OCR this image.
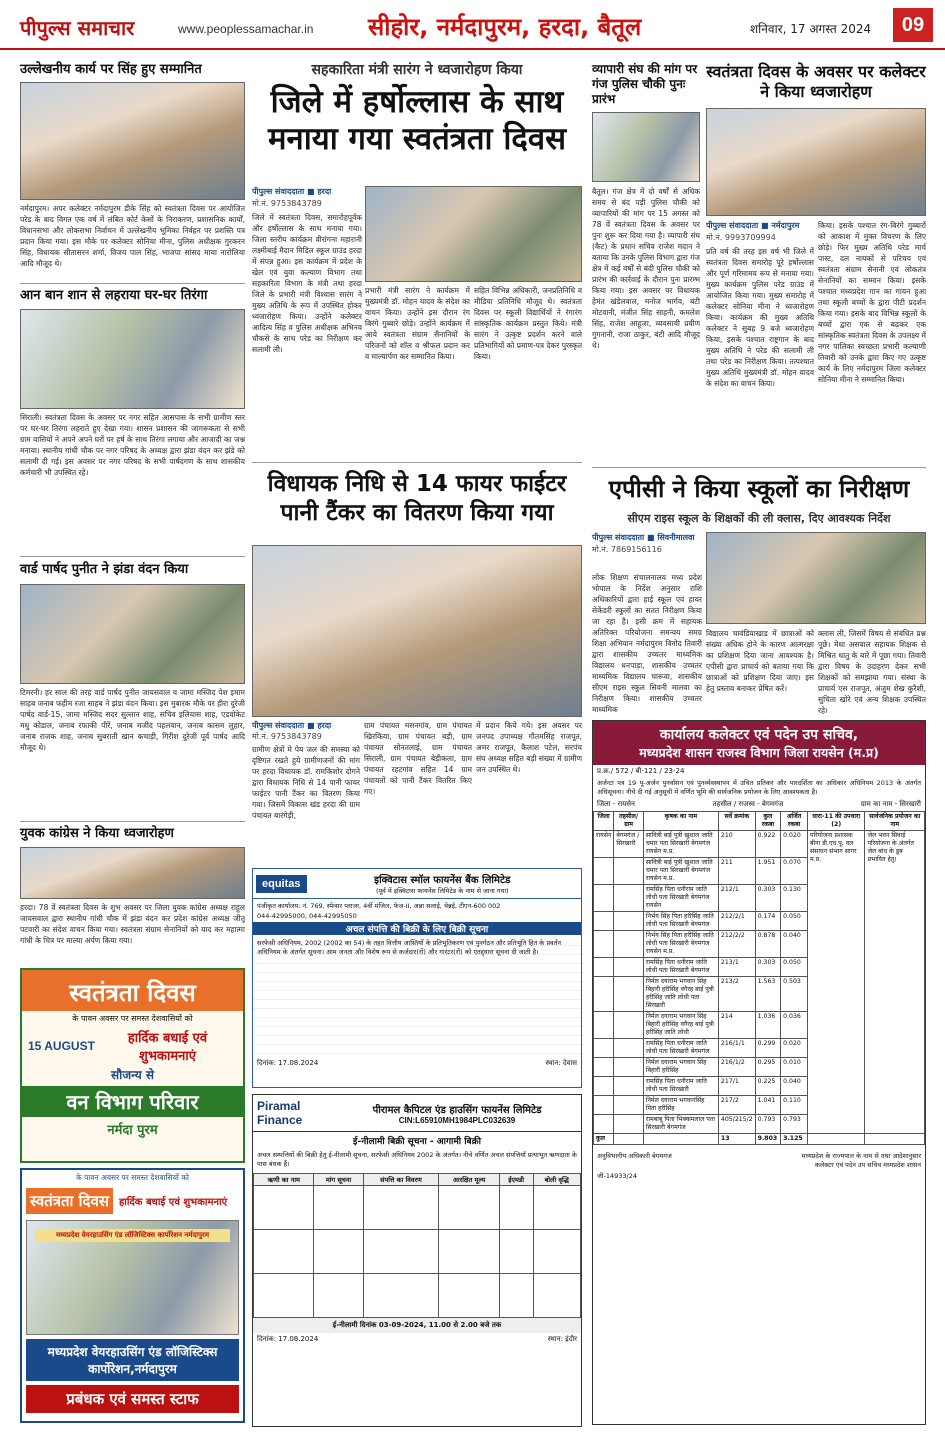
पीपुल्स समाचार	www.peoplessamachar.in सीहोर, नर्मदापुरम, हरदा, बैतूल	शनिवार, 17 अगस्त 2024	09
उल्लेखनीय कार्य पर सिंह हुए सम्मानित
नर्मदापुरम। अपर कलेक्टर नर्मदापुरम डीके सिंह को स्वतंत्रता दिवस पर आयोजित परेड के बाद विगत एक वर्ष में लंबित कोर्ट केसों के निराकरण, प्रशासनिक कार्यों, विधानसभा और लोकसभा निर्वाचन में उल्लेखनीय भूमिका निर्वहन पर प्रशस्ति पत्र प्रदान किया गया। इस मौके पर कलेक्टर सोनिया मीना, पुलिस अधीक्षक गुरकरन सिंह, विधायक सीतासरन शर्मा, विजय पाल सिंह, भाजपा सांसद माया नारोलिया आदि मौजूद थे।
आन बान शान से लहराया घर-घर तिरंगा
सिराली। स्वतंत्रता दिवस के अवसर पर नगर सहित आसपास के सभी ग्रामीण स्तर पर घर-घर तिरंगा लहराते हुए देखा गया। शासन प्रशासन की जागरूकता से सभी ग्राम वासियों ने अपने अपने घरों पर हर्ष के साथ तिरंगा लगाया और आजादी का जश्न मनाया। स्थानीय गांधी चौक पर नगर परिषद के अध्यक्ष द्वारा झंडा वंदन कर झंडे को सलामी दी गई। इस अवसर पर नगर परिषद के सभी पार्षदगण के साथ शासकीय कर्मचारी भी उपस्थित रहे।
वार्ड पार्षद पुनीत ने झंडा वंदन किया
टिमरनी। हर साल की तरह वार्ड पार्षद पुनीत जायसवाल व जामा मस्जिद पेश इमाम साहब जनाब फहीम रजा साहब ने झंडा वंदन किया। इस मुबारक मौके पर हीरा दुरेजी पार्षद वार्ड-15, जामा मस्जिद सदर सुल्तान शाह, सचिव इलियास शाह, एडवोकेट मधु कोडाल, जनाब रफाकी पीरें, जनाब मजीद पहलवान, जनाब कासम लुहार, जनाब राजक शाह, जनाब सुबराती खान कचाड़ी, गिरीश दुरेजी पूर्व पार्षद आदि मौजूद थे।
युवक कांग्रेस ने किया ध्वजारोहण
हरदा। 78 वें स्वतंत्रता दिवस के शुभ अवसर पर जिला युवक कांग्रेस अध्यक्ष राहुल जायसवाल द्वारा स्थानीय गांधी चौक में झंडा वंदन कर प्रदेश कांग्रेस अध्यक्ष जीतू पटवारी का संदेश वाचन किया गया। स्वतंत्रता संग्राम सेनानियों को याद कर महात्मा गांधी के चित्र पर माल्या अर्पण किया गया।
स्वतंत्रता दिवस
के पावन अवसर पर समस्त देशवासियों को
15 AUGUST	हार्दिक बधाई एवं शुभकामनाएं
सौजन्य से
वन विभाग परिवार
नर्मदा पुरम
के पावन अवसर पर समस्त देशवासियों को
स्वतंत्रता दिवस	हार्दिक बधाई एवं शुभकामनाएं
मध्यप्रदेश वेयरहाउसिंग एंड लॉजिस्टिक्स कार्पोरेशन नर्मदापुरम
मध्यप्रदेश वेयरहाउसिंग एंड लॉजिस्टिक्स कार्पोरेशन,नर्मदापुरम
प्रबंधक एवं समस्त स्टाफ
सहकारिता मंत्री सारंग ने ध्वजारोहण किया
जिले में हर्षोल्लास के साथ मनाया गया स्वतंत्रता दिवस
पीपुल्स संवाददाता ■ हरदा
मो.नं. 9753843789
जिले में स्वतंत्रता दिवस, समारोहपूर्वक और हर्षोल्लास के साथ मनाया गया। जिला स्तरीय कार्यक्रम वीरांगना महारानी लक्ष्मीबाई मैदान मिडिल स्कूल ग्राउंड हरदा में संपन्न हुआ। इस कार्यक्रम में प्रदेश के खेल एवं युवा कल्याण विभाग तथा सहकारिता विभाग के मंत्री तथा हरदा जिले के प्रभारी मंत्री विश्वास सारंग ने मुख्य अतिथि के रूप में उपस्थित होकर ध्वजारोहण किया। उन्होंने कलेक्टर आदित्य सिंह व पुलिस अधीक्षक अभिनव चौकसे के साथ परेड का निरीक्षण कर सलामी ली।
प्रभारी मंत्री सारंग ने कार्यक्रम में मुख्यमंत्री डॉ. मोहन यादव के संदेश का वाचन किया। उन्होंने इस दौरान रंग बिरंगे गुब्बारे छोड़े। उन्होंने कार्यक्रम में आये स्वतंत्रता संग्राम सैनानियों के परिजनों को शॉल व श्रीफल प्रदान कर व माल्यार्पण कर सम्मानित किया।
सहित विभिन्न अधिकारी, जनप्रतिनिधि व मीडिया प्रतिनिधि मौजूद थे। स्वतंत्रता दिवस पर स्कूली विद्यार्थियों ने रंगारंग सांस्कृतिक कार्यक्रम प्रस्तुत किये। मंत्री सारंग ने उत्कृष्ट प्रदर्शन करने वाले प्रतिभागियों को प्रमाण-पत्र देकर पुरस्कृत किया।
विधायक निधि से 14 फायर फाईटर पानी टैंकर का वितरण किया गया
पीपुल्स संवाददाता ■ हरदा
मो.नं. 9753843789
ग्रामीण क्षेत्रों मे पेय जल की समस्या को दृष्टिगत रखते हुये ग्रामीणजनों की मांग पर हरदा विधायक डॉ. रामकिशोर दोगने द्वारा विधायक निधि से 14 पानी फायर फाईटर पानी टैंकर का वितरण किया गया। जिसमें विकास खंड हरदा की ग्राम पंचायत बारंगेड़ी,
ग्राम पंचायत मसनगांव, ग्राम पंचायत खिरकिया, ग्राम पंचायत बड़ी, ग्राम पंचायत सोनतलाई, ग्राम पंचायत सिराली, ग्राम पंचायत बेड़ीकला, ग्राम पंचायत रहटगांव सहित 14 ग्राम पंचायतों को पानी टैंकर वितरित किए गए।
में प्रदान किये गये। इस अवसर पर जनपद उपाध्यक्ष गौतमसिंह राजपूत, अमर राजपूत, कैलाश पटेल, सरपंच संघ अध्यक्ष सहित बड़ी संख्या में ग्रामीण जन उपस्थित थे।
equitas	इक्विटास स्मॉल फायनेंस बैंक लिमिटेड
(पूर्व में इक्विटास फायनेंस लिमिटेड के नाम से जाना गया)
पंजीकृत कार्यालय: नं. 769, स्पेन्सर प्लाजा, 4वीं मंजिल, फेज-II, अन्ना सलाई, चेन्नई, टीएन-600 002
044-42995000, 044-42995050
अचल संपत्ति की बिक्री के लिए बिक्री सूचना
सरफेसी अधिनियम, 2002 (2002 का 54) के तहत वित्तीय आस्तियों के प्रतिभूतिकरण एवं पुनर्गठन और प्रतिभूति हित के प्रवर्तन अधिनियम के अंतर्गत सूचना। आम जनता और विशेष रूप से कर्जदार(रों) और गारंटर(रों) को एतद्द्वारा सूचना दी जाती है।
दिनांक: 17.08.2024	स्थान: देवास
Piramal Finance
पीरामल कैपिटल एंड हाउसिंग फायनेंस लिमिटेड
CIN:L65910MH1984PLC032639
ई-नीलामी बिक्री सूचना - आगामी बिक्री
अचल सम्पत्तियों की बिक्री हेतु ई-नीलामी सूचना, सरफेसी अधिनियम 2002 के अंतर्गत। नीचे वर्णित अचल संपत्तियाँ प्रत्याभूत ऋणदाता के पास बंधक हैं।
ऋणी का नाम	मांग सूचना	संपत्ति का विवरण	आरक्षित मूल्य	ईएमडी	बोली वृद्धि

ई-नीलामी दिनांक 03-09-2024, 11.00 से 2.00 बजे तक
दिनांक: 17.08.2024	स्थान: इंदौर
व्यापारी संघ की मांग पर गंज पुलिस चौकी पुनः प्रारंभ
बैतूल। गंज क्षेत्र में दो वर्षों से अधिक समय से बंद पड़ी पुलिस चौकी को व्यापारियों की मांग पर 15 अगस्त को 78 वें स्वतंत्रता दिवस के अवसर पर पुनः शुरू कर दिया गया है। व्यापारी संघ (कैट) के प्रधान सचिव राजेश मदान ने बताया कि उनके पुलिस विभाग द्वारा गंज क्षेत्र में कई वर्षों से बंदी पुलिस चौकी को प्रारंभ की कार्रवाई के दौरान पुनः प्रारम्भ किया गया। इस अवसर पर विधायक हेमंत खंडेलवाल, मनोज भार्गव, बंटी मोटवानी, मंजीत सिंह साहनी, कमलेश सिंह, राजेश आहूजा, व्यवसायी प्रवीण गुगनानी, राजा ठाकुर, बंटी आदि मौजूद थे।
स्वतंत्रता दिवस के अवसर पर कलेक्टर ने किया ध्वजारोहण
पीपुल्स संवाददाता ■ नर्मदापुरम
मो.नं. 9993709994
प्रति वर्ष की तरह इस वर्ष भी जिले में स्वतंत्रता दिवस समारोह पूरे हर्षोल्लास और पूर्ण गरिमामय रूप से मनाया गया। मुख्य कार्यक्रम पुलिस परेड ग्राउंड में आयोजित किया गया। मुख्य समारोह में कलेक्टर सोनिया मीना ने ध्वजारोहण किया। कार्यक्रम की मुख्य अतिथि कलेक्टर ने सुबह 9 बजे ध्वजारोहण किया, इसके पश्चात राष्ट्रगान के बाद मुख्य अतिथि ने परेड की सलामी ली तथा परेड का निरीक्षण किया। तत्पश्चात मुख्य अतिथि मुख्यमंत्री डॉ. मोहन यादव के संदेश का वाचन किया।
किया। इसके पश्चात रंग-बिरंगे गुब्बारों को आकाश में मुक्त विचरण के लिए छोड़े। फिर मुख्य अतिथि परेड मार्च पास्ट, दल नायकों से परिचय एवं स्वतंत्रता संग्राम सेनानी एवं लोकतंत्र सेनानियों का सम्मान किया। इसके पश्चात मध्यप्रदेश गान का गायन हुआ तथा स्कूली बच्चों के द्वारा पीटी प्रदर्शन किया गया। इसके बाद विभिन्न स्कूलों के बच्चों द्वारा एक से बढ़कर एक सांस्कृतिक स्वतंत्रता दिवस के उपलक्ष्य में नगर पालिका स्वच्छता प्रभारी कल्याणी तिवारी को उनके द्वारा किए गए उत्कृष्ट कार्य के लिए नर्मदापुरम जिला कलेक्टर सोनिया मीना ने सम्मानित किया।
एपीसी ने किया स्कूलों का निरीक्षण
सीएम राइस स्कूल के शिक्षकों की ली क्लास, दिए आवश्यक निर्देश
पीपुल्स संवाददाता ■ सिवनीमालवा
मो.नं. 7869156116
लोक शिक्षण संचालनालय मध्य प्रदेश भोपाल के निर्देश अनुसार राशि अधिकारियों द्वारा हाई स्कूल एवं हायर सेकेंडरी स्कूलों का सतत निरीक्षण किया जा रहा है। इसी क्रम में सहायक अतिरिक्त परियोजना समन्वय समग्र शिक्षा अभियान नर्मदापुरम विनोद तिवारी द्वारा शासकीय उच्चतर माध्यमिक विद्यालय धनपाड़ा, शासकीय उच्चतर माध्यमिक विद्यालय चारूवा, शासकीय सीएम राइस स्कूल सिवनी मालवा का निरीक्षण किया। शासकीय उच्चतर माध्यमिक
विद्यालय चावंडियाखाड में छात्राओं को संख्या अधिक होने के कारण आत्मरक्षा का प्रशिक्षण दिया जाना आवश्यक है। एपीसी द्वारा प्राचार्य को बताया गया कि छात्राओं को प्रशिक्षण दिया जाए। इस हेतु प्रस्ताव बनाकर प्रेषित करें।
क्लास ली, जिसमें विषय से संबंधित प्रश्न पूछे। मेधा असवाल सहायक शिक्षक से मिश्रित धातु के बारे में पूछा गया। तिवारी द्वारा विषय के उदाहरण देकर सभी शिक्षकों को समझाया गया। संस्था के प्राचार्य एस राजपूत, अंजुम शेख कुरैशी, सुचिता खोरे एवं अन्य शिक्षक उपस्थित रहे।
कार्यालय कलेक्टर एवं पदेन उप सचिव,
मध्यप्रदेश शासन राजस्व विभाग जिला रायसेन (म.प्र)
प्र.क्र./ 572 / बी-121 / 23-24
अर्जन्टा पत्र 19 पू-अर्जन पुनर्वासन एवं पुनर्व्यवस्थापन में उचित प्रतिकर और पारदर्शिता का अधिकार अधिनियम 2013 के अंतर्गत अधिसूचना। नीचे दी गई अनुसूची में वर्णित भूमि की सार्वजनिक प्रयोजन के लिए आवश्यकता है।
जिला - रायसेन	तहसील / राजस्व - बेगमगंज	ग्राम का नाम - सिरखारी
जिला	तहसील/ ग्राम	कृषक का नाम	सर्वे क्रमांक	कुल रकबा	अर्जित रकबा	धारा-11 की उपधारा (2)	सार्वजनिक प्रयोजन का नाम
रायसेन	बेगमगंज /सिरखारी	सावित्री बाई पुत्री खुशाल जाति चमार पता सिरखारी बेगमगंज रायसेन म.प्र.	210	0.922	0.020	परियोजना प्रशासक बीना डी.एच.पू. वल संसाधन संभाग सागर म.प्र.	जेल भवन सिवाई परियोजना के अंतर्गत जेल बांध के डूब प्रभावित हेतु।
		सावित्री बाई पुत्री खुशाल जाति चमार पता सिरखारी बेगमगंज रायसेन म.प्र.	211	1.951	0.070		
		रामसिंह पिता धनीराम जाति लोधी पता सिरखारी बेगमगंज रायसेन	212/1	0.303	0.130		
		निर्भय सिंह पिता हरीसिंह जाति लोधी पता सिरखारी बेगमगंज	212/2/1	0.174	0.050		
		निर्भय सिंह पिता हरीसिंह जाति लोधी पता सिरखारी बेगमगंज रायसेन म.प्र.	212/2/2	0.878	0.040		
		रामसिंह पिता धनीराम जाति लोधी पता सिरखारी बेगमगंज	213/1	0.303	0.050		
		निर्मल दयाराम भगवान सिंह बिहारी हरीसिंह वगैरह बाई पुत्री हरीसिंह जाति लोधी पता सिरखारी	213/2	1.563	0.503		
		निर्मल दयाराम भगवान सिंह बिहारी हरीसिंह वगैरह बाई पुत्री हरीसिंह जाति लोधी	214	1.036	0.036		
		रामसिंह पिता धनीराम जाति लोधी पता सिरखारी बेगमगंज	216/1/1	0.299	0.020		
		निर्मल दयाराम भगवान सिंह बिहारी हरीसिंह	216/1/2	0.295	0.010		
		रामसिंह पिता धनीराम जाति लोधी पता सिरखारी	217/1	0.225	0.040		
		निर्मल दयाराम भगवानसिंह पिता हरीसिंह	217/2	1.041	0.110		
		रामबाबू पिता भिक्कमलाल पता सिरखारी बेगमगंज	405/215/2	0.793	0.793		
कुल			13	9.803	3.125		
अनुविभागीय अधिकारी बेगमगंज	मध्यप्रदेश के राज्यपाल के नाम से तथा आदेशानुसार
कलेक्टर एवं पदेन उप सचिव मध्यप्रदेश शासन
जी-14933/24
